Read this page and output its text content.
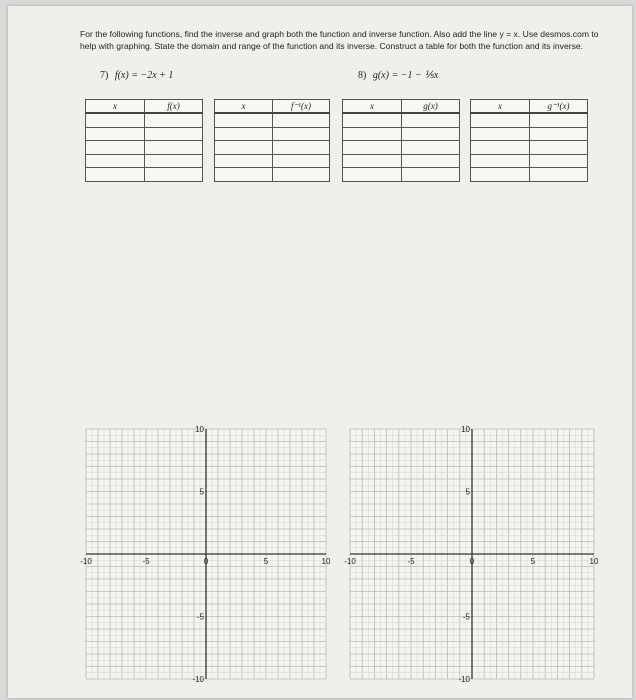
For the following functions, find the inverse and graph both the function and inverse function. Also add the line y = x. Use desmos.com to help with graphing. State the domain and range of the function and its inverse. Construct a table for both the function and its inverse.
7) f(x) = −2x + 1	8) g(x) = −1 − ⅕x
x	f(x)

		x	f⁻¹(x)

		x	g(x)

		x	g⁻¹(x)

-10	-5	0	5	10
10
5
-5
-10
-10	-5	0	5	10
10
5
-5
-10
